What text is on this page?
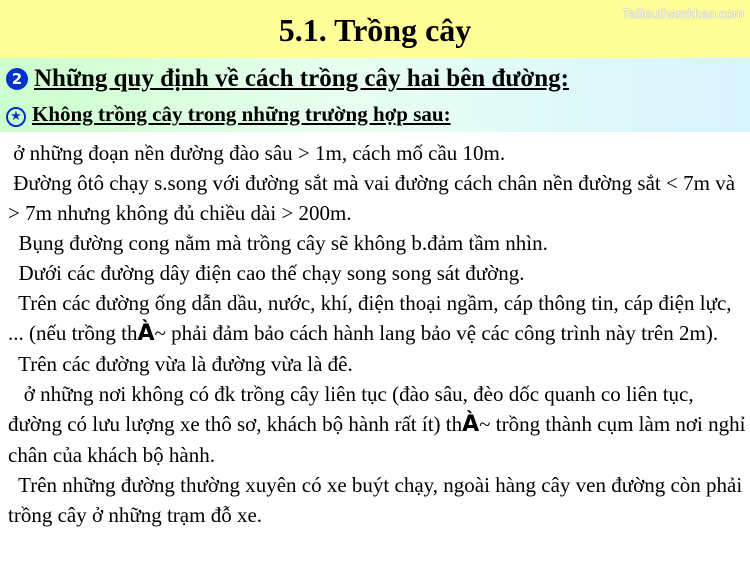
5.1. Trồng cây	Tailieuthamkhao.com
2 Những quy định về cách trồng cây hai bên đường:
★ Không trồng cây trong những trường hợp sau:

ở những đoạn nền đường đào sâu > 1m, cách mố cầu 10m.

Đường ôtô chạy s.song với đường sắt mà vai đường cách chân nền đường sắt < 7m và > 7m nhưng không đủ chiều dài > 200m.

Bụng đường cong nằm mà trồng cây sẽ không b.đảm tầm nhìn.

Dưới các đường dây điện cao thế chạy song song sát đường.

Trên các đường ống dẫn dầu, nước, khí, điện thoại ngầm, cáp thông tin, cáp điện lực, ... (nếu trồng thÀ~ phải đảm bảo cách hành lang bảo vệ các công trình này trên 2m).

Trên các đường vừa là đường vừa là đê.

ở những nơi không có đk trồng cây liên tục (đào sâu, đèo dốc quanh co liên tục, đường có lưu lượng xe thô sơ, khách bộ hành rất ít) thÀ~ trồng thành cụm làm nơi nghỉ chân của khách bộ hành.

Trên những đường thường xuyên có xe buýt chạy, ngoài hàng cây ven đường còn phải trồng cây ở những trạm đỗ xe.
